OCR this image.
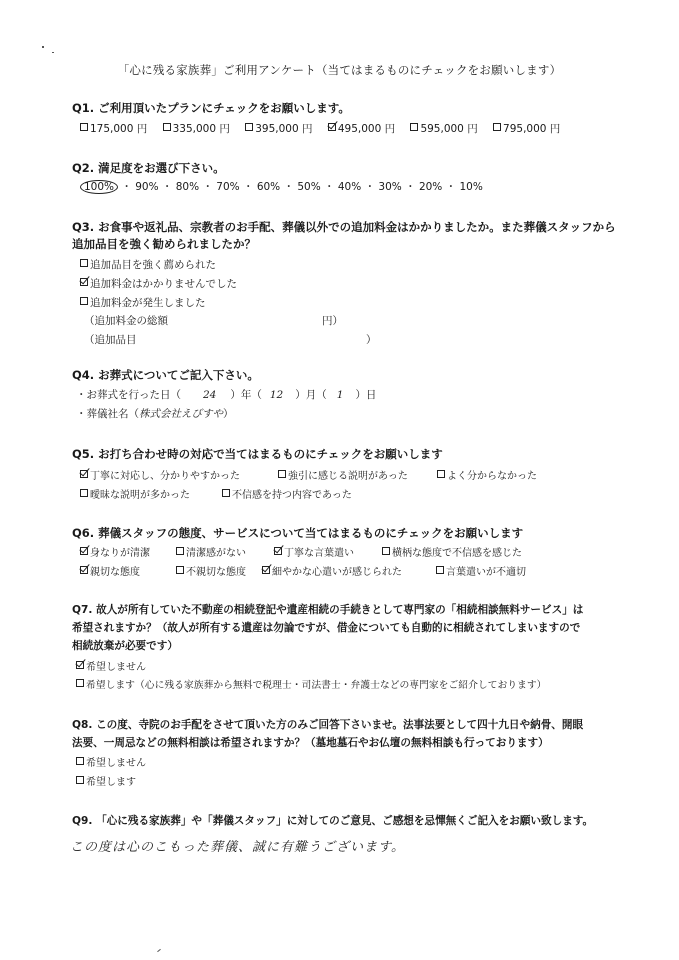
「心に残る家族葬」ご利用アンケート（当てはまるものにチェックをお願いします）
Q1. ご利用頂いたプランにチェックをお願いします。
175,000 円 335,000 円 395,000 円 495,000 円 595,000 円 795,000 円
Q2. 満足度をお選び下さい。
100% ・ 90% ・ 80% ・ 70% ・ 60% ・ 50% ・ 40% ・ 30% ・ 20% ・ 10%
Q3. お食事や返礼品、宗教者のお手配、葬儀以外での追加料金はかかりましたか。また葬儀スタッフから
追加品目を強く勧められましたか？
追加品目を強く薦められた
追加料金はかかりませんでした
追加料金が発生しました
（追加料金の総額	円）
（追加品目	）
Q4. お葬式についてご記入下さい。
・お葬式を行った日（ 24 ）年（ 12 ）月（ 1 ）日
・葬儀社名（株式会社えびすや）
Q5. お打ち合わせ時の対応で当てはまるものにチェックをお願いします
丁寧に対応し、分かりやすかった	強引に感じる説明があった	よく分からなかった
曖昧な説明が多かった	不信感を持つ内容であった
Q6. 葬儀スタッフの態度、サービスについて当てはまるものにチェックをお願いします
身なりが清潔	清潔感がない	丁寧な言葉遣い	横柄な態度で不信感を感じた
親切な態度	不親切な態度	細やかな心遣いが感じられた	言葉遣いが不適切
Q7. 故人が所有していた不動産の相続登記や遺産相続の手続きとして専門家の「相続相談無料サービス」は
希望されますか？（故人が所有する遺産は勿論ですが、借金についても自動的に相続されてしまいますので
相続放棄が必要です）
希望しません
希望します（心に残る家族葬から無料で税理士・司法書士・弁護士などの専門家をご紹介しております）
Q8. この度、寺院のお手配をさせて頂いた方のみご回答下さいませ。法事法要として四十九日や納骨、開眼
法要、一周忌などの無料相談は希望されますか？（墓地墓石やお仏壇の無料相談も行っております）
希望しません
希望します
Q9. 「心に残る家族葬」や「葬儀スタッフ」に対してのご意見、ご感想を忌憚無くご記入をお願い致します。
この度は心のこもった葬儀、誠に有難うございます。
